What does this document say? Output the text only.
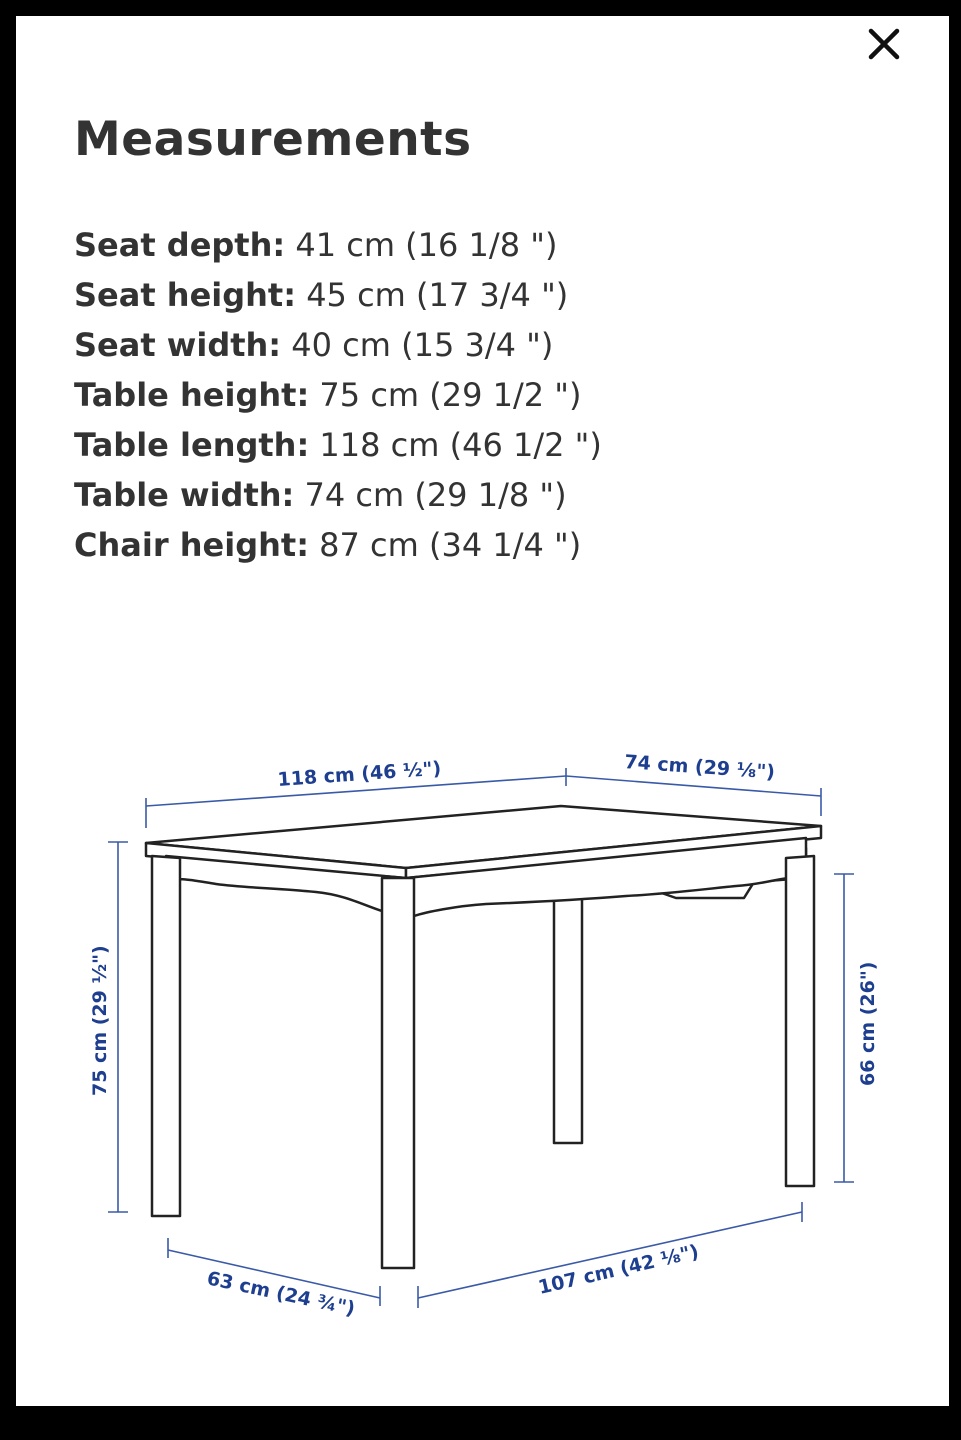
Measurements
Seat depth: 41 cm (16 1/8 ")
Seat height: 45 cm (17 3/4 ")
Seat width: 40 cm (15 3/4 ")
Table height: 75 cm (29 1/2 ")
Table length: 118 cm (46 1/2 ")
Table width: 74 cm (29 1/8 ")
Chair height: 87 cm (34 1/4 ")
118 cm (46 ½")	74 cm (29 ⅛")
75 cm (29 ½")	66 cm (26")
63 cm (24 ¾")	107 cm (42 ⅛")
